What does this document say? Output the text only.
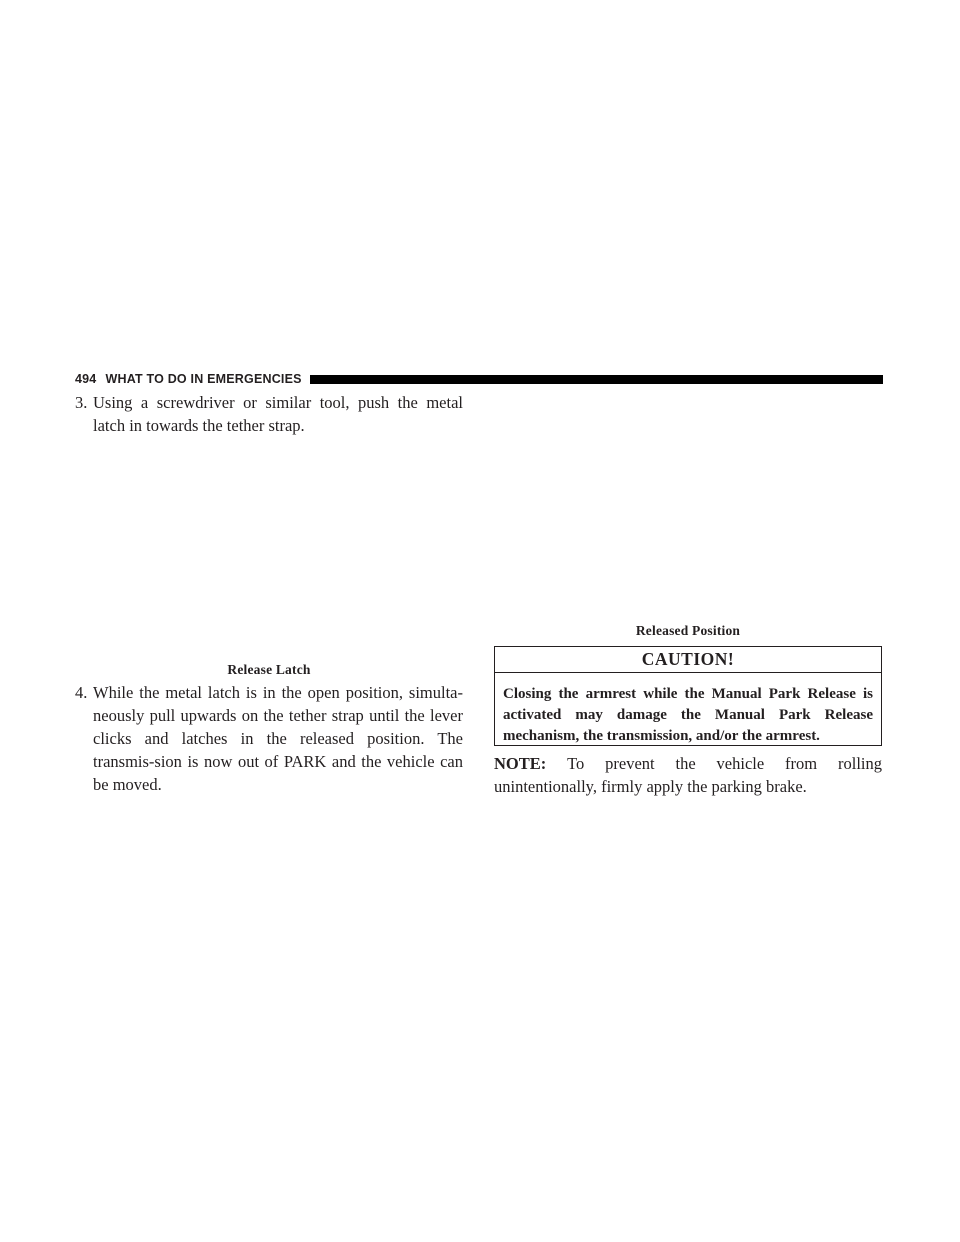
494 WHAT TO DO IN EMERGENCIES
3. Using a screwdriver or similar tool, push the metal latch in towards the tether strap.
Release Latch
4. While the metal latch is in the open position, simulta-neously pull upwards on the tether strap until the lever clicks and latches in the released position. The transmis-sion is now out of PARK and the vehicle can be moved.
Released Position
CAUTION!
Closing the armrest while the Manual Park Release is activated may damage the Manual Park Release mechanism, the transmission, and/or the armrest.
NOTE: To prevent the vehicle from rolling unintentionally, firmly apply the parking brake.
